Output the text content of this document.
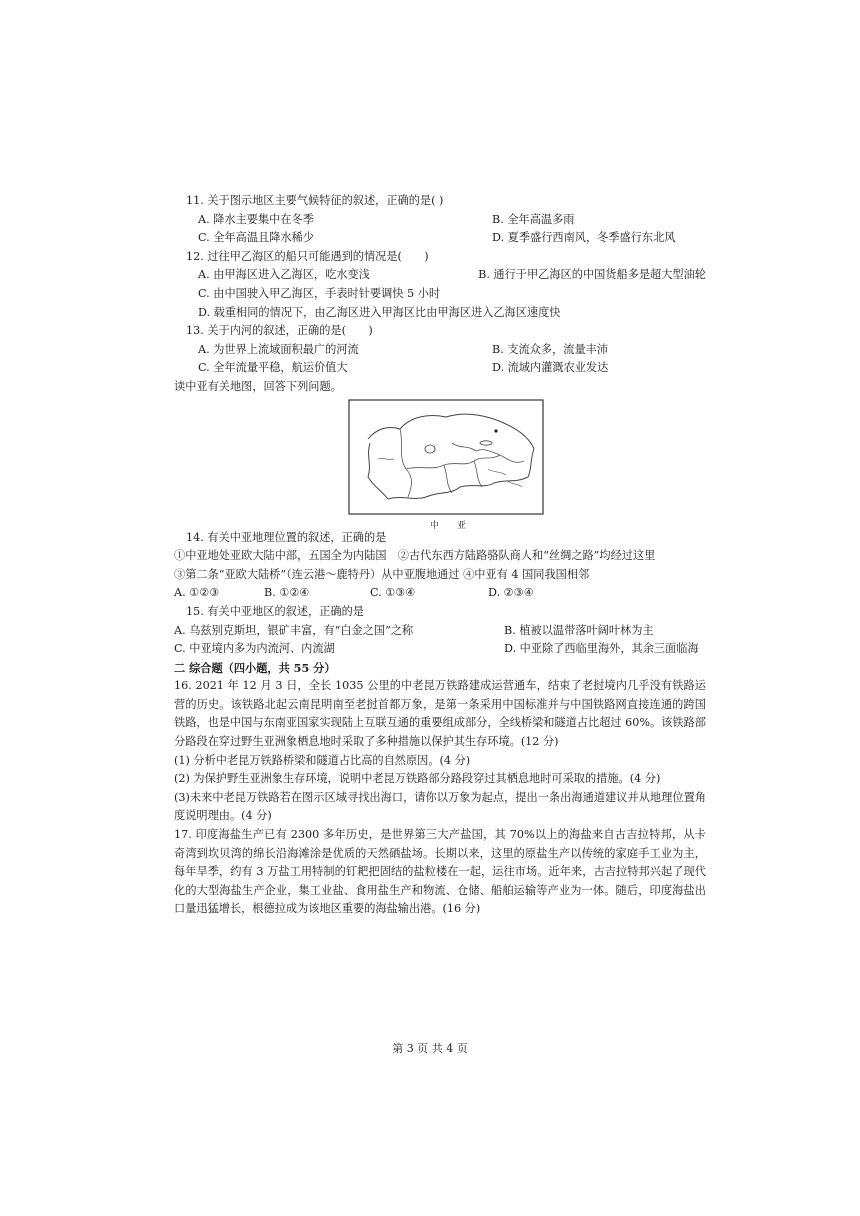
11. 关于图示地区主要气候特征的叙述，正确的是( )
A. 降水主要集中在冬季	B. 全年高温多雨
C. 全年高温且降水稀少	D. 夏季盛行西南风，冬季盛行东北风
12. 过往甲乙海区的船只可能遇到的情况是(　　)
A. 由甲海区进入乙海区，吃水变浅	B. 通行于甲乙海区的中国货船多是超大型油轮
C. 由中国驶入甲乙海区，手表时针要调快 5 小时
D. 载重相同的情况下，由乙海区进入甲海区比由甲海区进入乙海区速度快
13. 关于内河的叙述，正确的是(　　)
A. 为世界上流域面积最广的河流	B. 支流众多，流量丰沛
C. 全年流量平稳，航运价值大	D. 流域内灌溉农业发达
读中亚有关地图，回答下列问题。
中　　亚
14. 有关中亚地理位置的叙述，正确的是
①中亚地处亚欧大陆中部，五国全为内陆国　②古代东西方陆路骆队商人和“丝绸之路”均经过这里
③第二条“亚欧大陆桥”（连云港～鹿特丹）从中亚腹地通过 ④中亚有 4 国同我国相邻
A. ①②③	B. ①②④	C. ①③④	D. ②③④
15. 有关中亚地区的叙述，正确的是
A. 乌兹别克斯坦，银矿丰富，有“白金之国”之称	B. 植被以温带落叶阔叶林为主
C. 中亚境内多为内流河、内流湖	D. 中亚除了西临里海外，其余三面临海
二 综合题（四小题，共 55 分）
16. 2021 年 12 月 3 日，全长 1035 公里的中老昆万铁路建成运营通车，结束了老挝境内几乎没有铁路运营的历史。该铁路北起云南昆明南至老挝首都万象，是第一条采用中国标准并与中国铁路网直接连通的跨国铁路，也是中国与东南亚国家实现陆上互联互通的重要组成部分，全线桥梁和隧道占比超过 60%。该铁路部分路段在穿过野生亚洲象栖息地时采取了多种措施以保护其生存环境。(12 分)
(1) 分析中老昆万铁路桥梁和隧道占比高的自然原因。(4 分)
(2) 为保护野生亚洲象生存环境，说明中老昆万铁路部分路段穿过其栖息地时可采取的措施。(4 分)
(3)未来中老昆万铁路若在图示区域寻找出海口，请你以万象为起点，提出一条出海通道建议并从地理位置角度说明理由。(4 分)
17. 印度海盐生产已有 2300 多年历史，是世界第三大产盐国，其 70%以上的海盐来自古吉拉特邦，从卡奇湾到坎贝湾的绵长沿海滩涂是优质的天然硒盐场。长期以来，这里的原盐生产以传统的家庭手工业为主，每年旱季，约有 3 万盐工用特制的钉耙把固结的盐粒楼在一起，运往市场。近年来，古吉拉特邦兴起了现代化的大型海盐生产企业，集工业盐、食用盐生产和物流、仓储、船舶运输等产业为一体。随后，印度海盐出口量迅猛增长，根德拉成为该地区重要的海盐输出港。(16 分)
第 3 页 共 4 页
